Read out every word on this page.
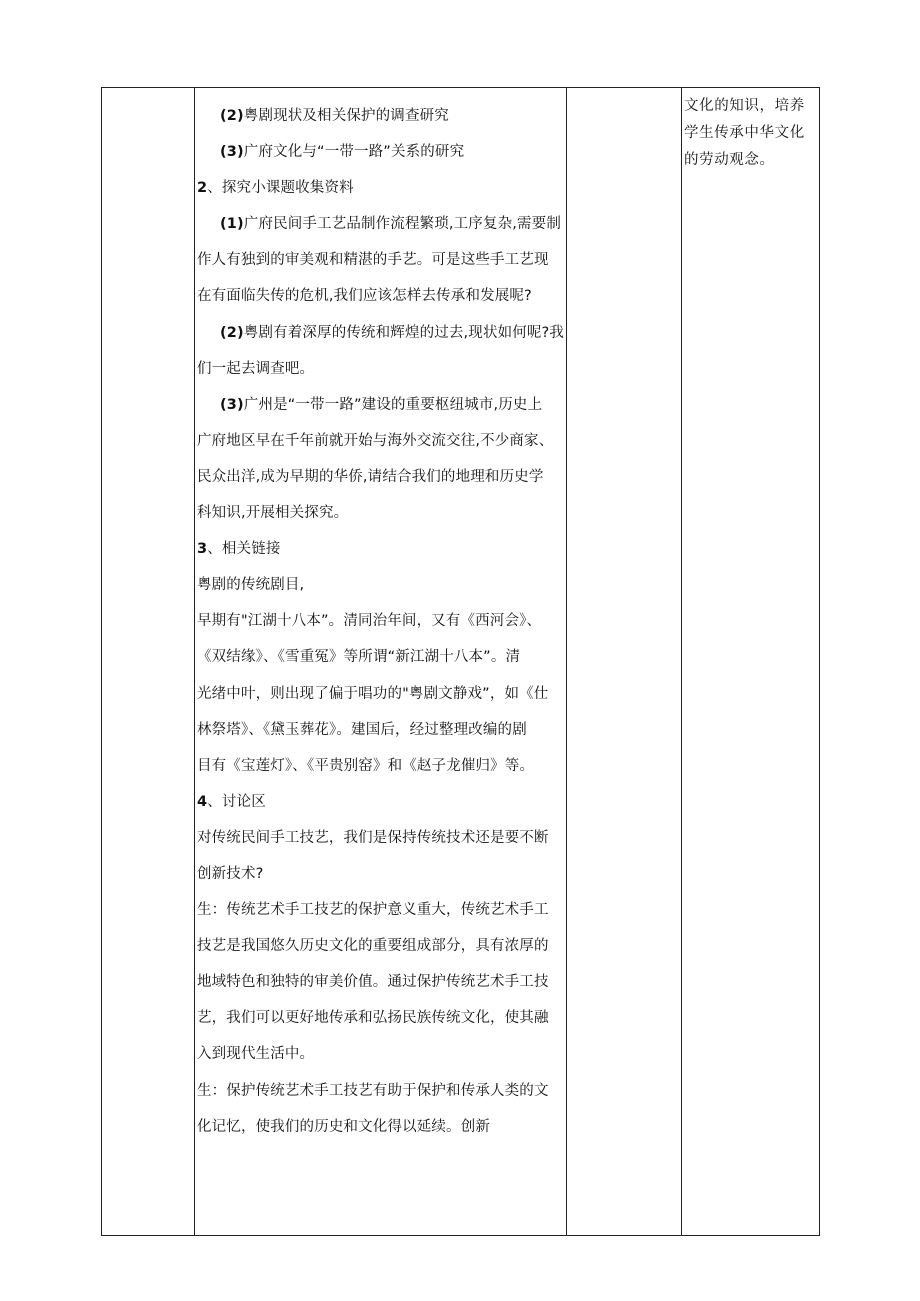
(2)粤剧现状及相关保护的调查研究

(3)广府文化与“一带一路”关系的研究

2、探究小课题收集资料

(1)广府民间手工艺品制作流程繁琐,工序复杂,需要制

作人有独到的审美观和精湛的手艺。可是这些手工艺现

在有面临失传的危机,我们应该怎样去传承和发展呢?

(2)粤剧有着深厚的传统和辉煌的过去,现状如何呢?我

们一起去调查吧。

(3)广州是“一带一路”建设的重要枢纽城市,历史上

广府地区早在千年前就开始与海外交流交往,不少商家、

民众出洋,成为早期的华侨,请结合我们的地理和历史学

科知识,开展相关探究。

3、相关链接

粤剧的传统剧目,

早期有"江湖十八本”。清同治年间，又有《西河会》、

《双结缘》、《雪重冤》等所谓“新江湖十八本”。清

光绪中叶，则出现了偏于唱功的"粤剧文静戏”，如《仕

林祭塔》、《黛玉葬花》。建国后，经过整理改编的剧

目有《宝莲灯》、《平贵别窑》和《赵子龙催归》等。

4、讨论区

对传统民间手工技艺，我们是保持传统技术还是要不断

创新技术?

生：传统艺术手工技艺的保护意义重大，传统艺术手工

技艺是我国悠久历史文化的重要组成部分，具有浓厚的

地域特色和独特的审美价值。通过保护传统艺术手工技

艺，我们可以更好地传承和弘扬民族传统文化，使其融

入到现代生活中。

生：保护传统艺术手工技艺有助于保护和传承人类的文

化记忆，使我们的历史和文化得以延续。创新

文化的知识，培养

学生传承中华文化

的劳动观念。
